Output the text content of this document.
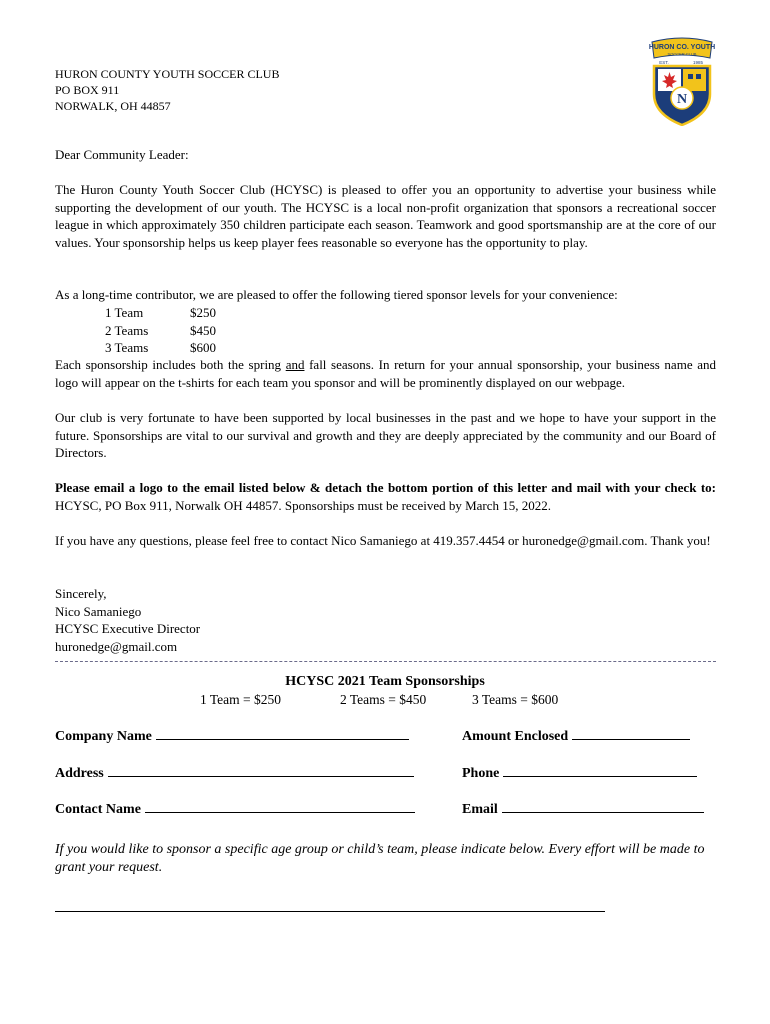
HURON COUNTY YOUTH SOCCER CLUB
PO BOX 911
NORWALK, OH 44857
HURON CO. YOUTH
SOCCER CLUB
EST.	1985
N
Dear Community Leader:
The Huron County Youth Soccer Club (HCYSC) is pleased to offer you an opportunity to advertise your business while supporting the development of our youth. The HCYSC is a local non-profit organization that sponsors a recreational soccer league in which approximately 350 children participate each season. Teamwork and good sportsmanship are at the core of our values. Your sponsorship helps us keep player fees reasonable so everyone has the opportunity to play.
As a long-time contributor, we are pleased to offer the following tiered sponsor levels for your convenience:
1 Team	$250
2 Teams	$450
3 Teams	$600
Each sponsorship includes both the spring and fall seasons. In return for your annual sponsorship, your business name and logo will appear on the t-shirts for each team you sponsor and will be prominently displayed on our webpage.
Our club is very fortunate to have been supported by local businesses in the past and we hope to have your support in the future. Sponsorships are vital to our survival and growth and they are deeply appreciated by the community and our Board of Directors.
Please email a logo to the email listed below & detach the bottom portion of this letter and mail with your check to: HCYSC, PO Box 911, Norwalk OH 44857. Sponsorships must be received by March 15, 2022.
If you have any questions, please feel free to contact Nico Samaniego at 419.357.4454 or huronedge@gmail.com. Thank you!
Sincerely,
Nico Samaniego
HCYSC Executive Director
huronedge@gmail.com
HCYSC 2021 Team Sponsorships
1 Team = $250	2 Teams = $450	3 Teams = $600
Company Name	Amount Enclosed
Address	Phone
Contact Name	Email
If you would like to sponsor a specific age group or child’s team, please indicate below. Every effort will be made to grant your request.
